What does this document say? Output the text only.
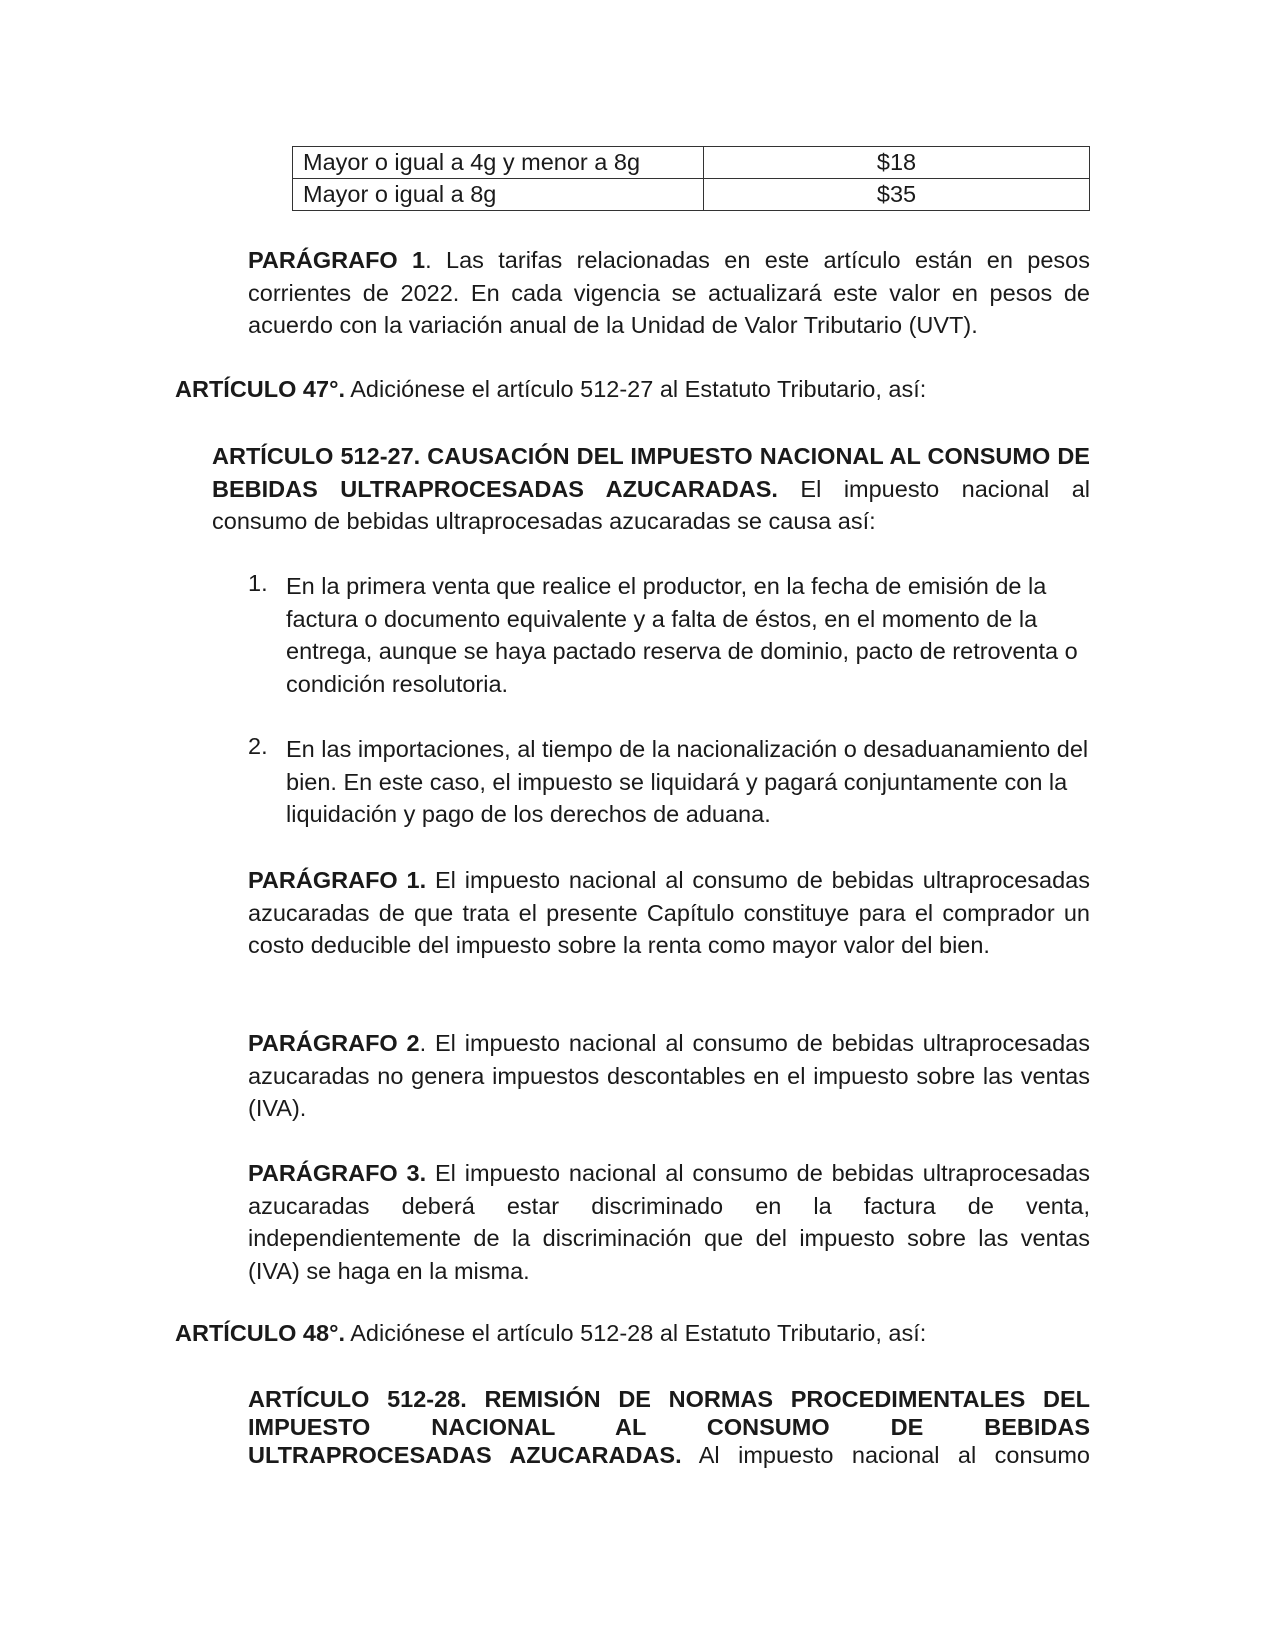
Mayor o igual a 4g y menor a 8g	$18
Mayor o igual a 8g	$35

PARÁGRAFO 1. Las tarifas relacionadas en este artículo están en pesos corrientes de 2022. En cada vigencia se actualizará este valor en pesos de acuerdo con la variación anual de la Unidad de Valor Tributario (UVT).

ARTÍCULO 47°. Adiciónese el artículo 512-27 al Estatuto Tributario, así:

ARTÍCULO 512-27. CAUSACIÓN DEL IMPUESTO NACIONAL AL CONSUMO DE BEBIDAS ULTRAPROCESADAS AZUCARADAS. El impuesto nacional al consumo de bebidas ultraprocesadas azucaradas se causa así:

1. En la primera venta que realice el productor, en la fecha de emisión de la factura o documento equivalente y a falta de éstos, en el momento de la entrega, aunque se haya pactado reserva de dominio, pacto de retroventa o condición resolutoria.

2. En las importaciones, al tiempo de la nacionalización o desaduanamiento del bien. En este caso, el impuesto se liquidará y pagará conjuntamente con la liquidación y pago de los derechos de aduana.

PARÁGRAFO 1. El impuesto nacional al consumo de bebidas ultraprocesadas azucaradas de que trata el presente Capítulo constituye para el comprador un costo deducible del impuesto sobre la renta como mayor valor del bien.

PARÁGRAFO 2. El impuesto nacional al consumo de bebidas ultraprocesadas azucaradas no genera impuestos descontables en el impuesto sobre las ventas (IVA).

PARÁGRAFO 3. El impuesto nacional al consumo de bebidas ultraprocesadas azucaradas deberá estar discriminado en la factura de venta, independientemente de la discriminación que del impuesto sobre las ventas (IVA) se haga en la misma.

ARTÍCULO 48°. Adiciónese el artículo 512-28 al Estatuto Tributario, así:

ARTÍCULO 512-28. REMISIÓN DE NORMAS PROCEDIMENTALES DEL

IMPUESTO NACIONAL AL CONSUMO DE BEBIDAS

ULTRAPROCESADAS AZUCARADAS. Al impuesto nacional al consumo
